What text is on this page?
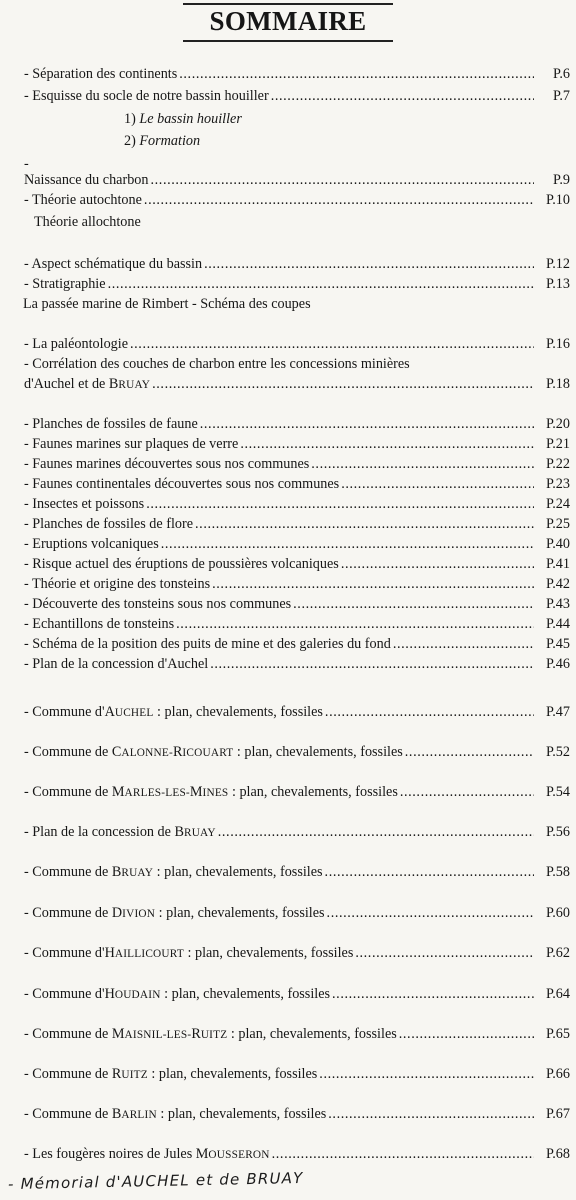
SOMMAIRE
- Séparation des continents .....	P.6
- Esquisse du socle de notre bassin houiller .....	P.7
1) Le bassin houiller
2) Formation
-
Naissance du charbon .....	P.9
- Théorie autochtone .....	P.10
Théorie allochtone
- Aspect schématique du bassin .....	P.12
- Stratigraphie .....	P.13
La passée marine de Rimbert - Schéma des coupes
- La paléontologie .....	P.16
- Corrélation des couches de charbon entre les concessions minières
d'Auchel et de BRUAY .....	P.18
- Planches de fossiles de faune .....	P.20
- Faunes marines sur plaques de verre .....	P.21
- Faunes marines découvertes sous nos communes .....	P.22
- Faunes continentales découvertes sous nos communes .....	P.23
- Insectes et poissons .....	P.24
- Planches de fossiles de flore .....	P.25
- Eruptions volcaniques .....	P.40
- Risque actuel des éruptions de poussières volcaniques .....	P.41
- Théorie et origine des tonsteins .....	P.42
- Découverte des tonsteins sous nos communes .....	P.43
- Echantillons de tonsteins .....	P.44
- Schéma de la position des puits de mine et des galeries du fond .....	P.45
- Plan de la concession d'Auchel .....	P.46
- Commune d'AUCHEL : plan, chevalements, fossiles .....	P.47
- Commune de CALONNE-RICOUART : plan, chevalements, fossiles .....	P.52
- Commune de MARLES-LES-MINES : plan, chevalements, fossiles .....	P.54
- Plan de la concession de BRUAY .....	P.56
- Commune de BRUAY : plan, chevalements, fossiles .....	P.58
- Commune de DIVION : plan, chevalements, fossiles .....	P.60
- Commune d'HAILLICOURT : plan, chevalements, fossiles .....	P.62
- Commune d'HOUDAIN : plan, chevalements, fossiles .....	P.64
- Commune de MAISNIL-LES-RUITZ : plan, chevalements, fossiles .....	P.65
- Commune de RUITZ : plan, chevalements, fossiles .....	P.66
- Commune de BARLIN : plan, chevalements, fossiles .....	P.67
- Les fougères noires de Jules MOUSSERON .....	P.68
- Mémorial d'AUCHEL et de BRUAY
